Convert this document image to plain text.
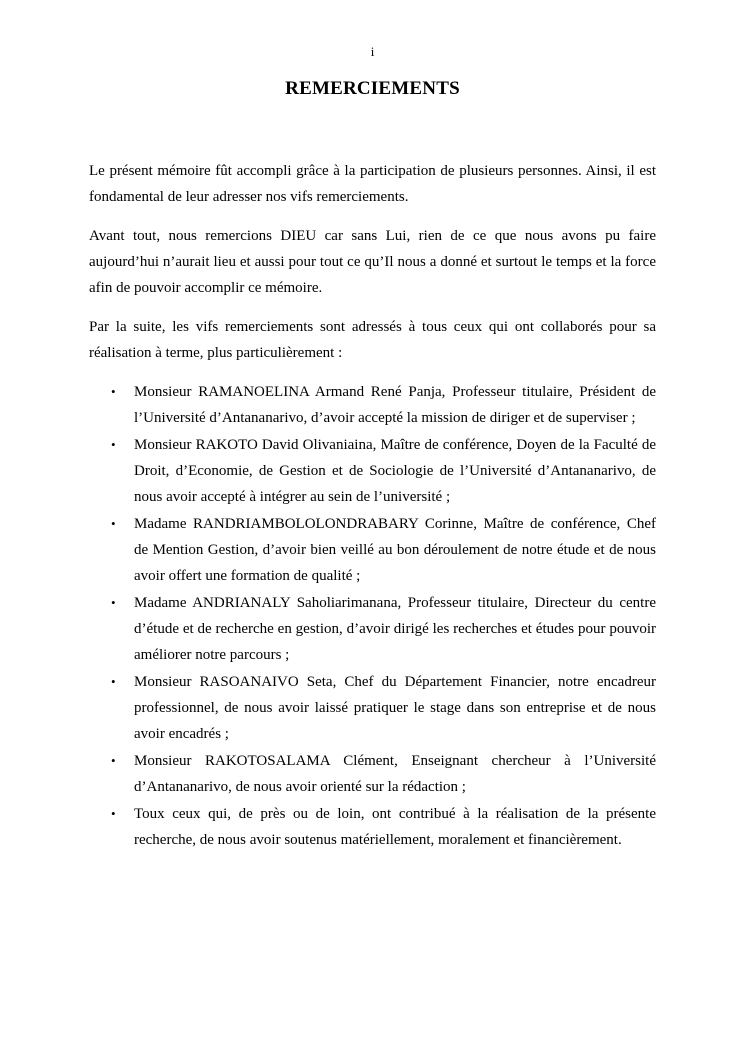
i
REMERCIEMENTS

Le présent mémoire fût accompli grâce à la participation de plusieurs personnes. Ainsi, il est fondamental de leur adresser nos vifs remerciements.

Avant tout, nous remercions DIEU car sans Lui, rien de ce que nous avons pu faire aujourd’hui n’aurait lieu et aussi pour tout ce qu’Il nous a donné et surtout le temps et la force afin de pouvoir accomplir ce mémoire.

Par la suite, les vifs remerciements sont adressés à tous ceux qui ont collaborés pour sa réalisation à terme, plus particulièrement :

• Monsieur RAMANOELINA Armand René Panja, Professeur titulaire, Président de l’Université d’Antananarivo, d’avoir accepté la mission de diriger et de superviser ;
• Monsieur RAKOTO David Olivaniaina, Maître de conférence, Doyen de la Faculté de Droit, d’Economie, de Gestion et de Sociologie de l’Université d’Antananarivo, de nous avoir accepté à intégrer au sein de l’université ;
• Madame RANDRIAMBOLOLONDRABARY Corinne, Maître de conférence, Chef de Mention Gestion, d’avoir bien veillé au bon déroulement de notre étude et de nous avoir offert une formation de qualité ;
• Madame ANDRIANALY Saholiarimanana, Professeur titulaire, Directeur du centre d’étude et de recherche en gestion, d’avoir dirigé les recherches et études pour pouvoir améliorer notre parcours ;
• Monsieur RASOANAIVO Seta, Chef du Département Financier, notre encadreur professionnel, de nous avoir laissé pratiquer le stage dans son entreprise et de nous avoir encadrés ;
• Monsieur RAKOTOSALAMA Clément, Enseignant chercheur à l’Université d’Antananarivo, de nous avoir orienté sur la rédaction ;
• Toux ceux qui, de près ou de loin, ont contribué à la réalisation de la présente recherche, de nous avoir soutenus matériellement, moralement et financièrement.
